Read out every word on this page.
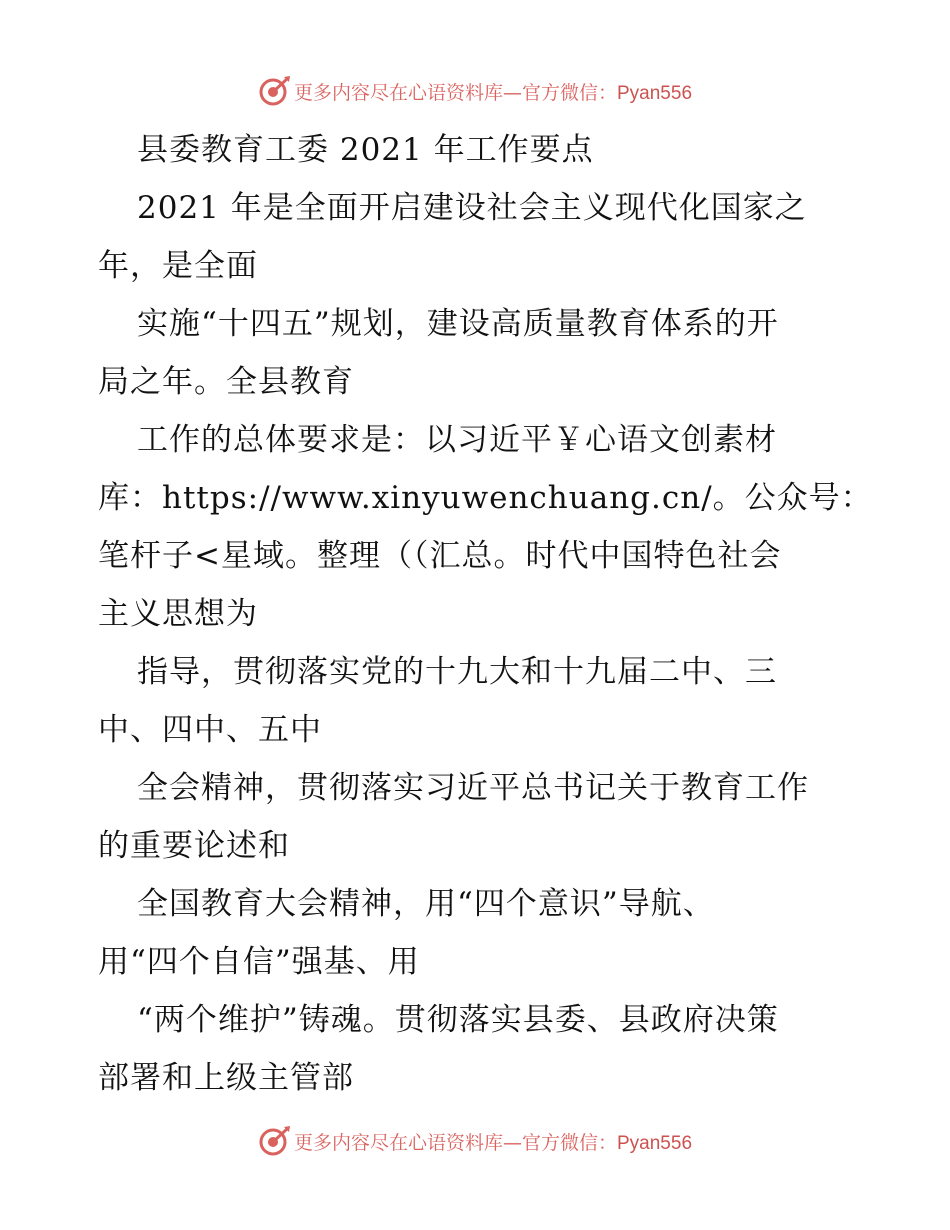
更多内容尽在心语资料库—官方微信：Pyan556
县委教育工委 2021 年工作要点
2021 年是全面开启建设社会主义现代化国家之
年，是全面
实施“十四五”规划，建设高质量教育体系的开
局之年。全县教育
工作的总体要求是：以习近平￥心语文创素材
库：https://www.xinyuwenchuang.cn/。公众号：
笔杆子<星域。整理（（汇总。时代中国特色社会
主义思想为
指导，贯彻落实党的十九大和十九届二中、三
中、四中、五中
全会精神，贯彻落实习近平总书记关于教育工作
的重要论述和
全国教育大会精神，用“四个意识”导航、
用“四个自信”强基、用
“两个维护”铸魂。贯彻落实县委、县政府决策
部署和上级主管部
更多内容尽在心语资料库—官方微信：Pyan556
